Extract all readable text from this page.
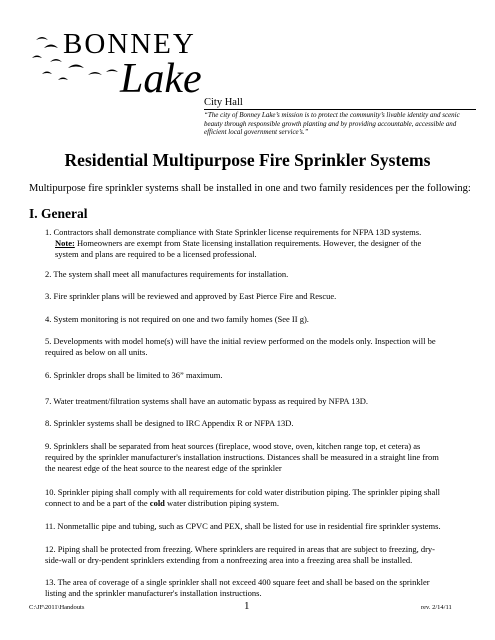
BONNEY
Lake
City Hall
“The city of Bonney Lake’s mission is to protect the community’s livable identity and scenic beauty through responsible growth planting and by providing accountable, accessible and efficient local government service’s.”
Residential Multipurpose Fire Sprinkler Systems
Multipurpose fire sprinkler systems shall be installed in one and two family residences per the following:
I. General
1. Contractors shall demonstrate compliance with State Sprinkler license requirements for NFPA 13D systems.
Note: Homeowners are exempt from State licensing installation requirements. However, the designer of the
system and plans are required to be a licensed professional.
2. The system shall meet all manufactures requirements for installation.
3. Fire sprinkler plans will be reviewed and approved by East Pierce Fire and Rescue.
4. System monitoring is not required on one and two family homes (See II g).
5. Developments with model home(s) will have the initial review performed on the models only. Inspection will be
required as below on all units.
6. Sprinkler drops shall be limited to 36” maximum.
7. Water treatment/filtration systems shall have an automatic bypass as required by NFPA 13D.
8. Sprinkler systems shall be designed to IRC Appendix R or NFPA 13D.
9. Sprinklers shall be separated from heat sources (fireplace, wood stove, oven, kitchen range top, et cetera) as
required by the sprinkler manufacturer's installation instructions. Distances shall be measured in a straight line from
the nearest edge of the heat source to the nearest edge of the sprinkler
10. Sprinkler piping shall comply with all requirements for cold water distribution piping. The sprinkler piping shall
connect to and be a part of the cold water distribution piping system.
11. Nonmetallic pipe and tubing, such as CPVC and PEX, shall be listed for use in residential fire sprinkler systems.
12. Piping shall be protected from freezing. Where sprinklers are required in areas that are subject to freezing, dry-
side-wall or dry-pendent sprinklers extending from a nonfreezing area into a freezing area shall be installed.
13. The area of coverage of a single sprinkler shall not exceed 400 square feet and shall be based on the sprinkler
listing and the sprinkler manufacturer's installation instructions.
C:\JF\2011\Handouts	1	rev. 2/14/11
